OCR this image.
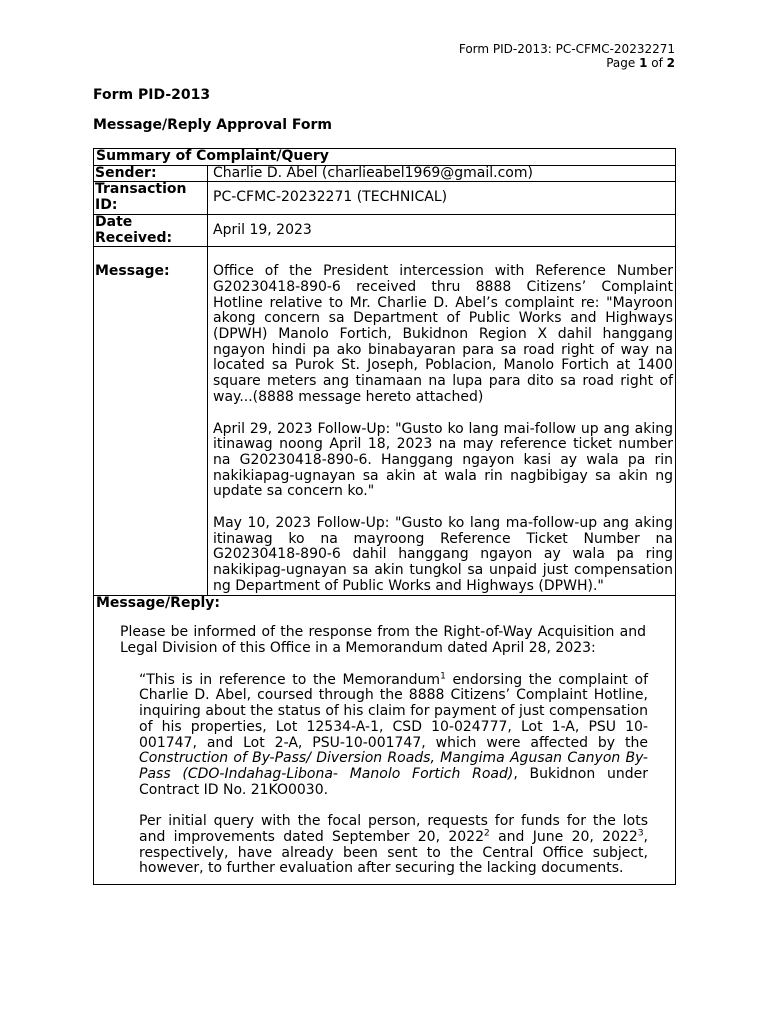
Form PID-2013: PC-CFMC-20232271
Page 1 of 2
Form PID-2013
Message/Reply Approval Form
Summary of Complaint/Query	
Sender:	Charlie D. Abel (charlieabel1969@gmail.com)
Transaction ID:	PC-CFMC-20232271 (TECHNICAL)
Date Received:	April 19, 2023
Message:	Office of the President intercession with Reference Number G20230418-890-6 received thru 8888 Citizens’ Complaint Hotline relative to Mr. Charlie D. Abel’s complaint re: "Mayroon akong concern sa Department of Public Works and Highways (DPWH) Manolo Fortich, Bukidnon Region X dahil hanggang ngayon hindi pa ako binabayaran para sa road right of way na located sa Purok St. Joseph, Poblacion, Manolo Fortich at 1400 square meters ang tinamaan na lupa para dito sa road right of way...(8888 message hereto attached)

April 29, 2023 Follow-Up: "Gusto ko lang mai-follow up ang aking itinawag noong April 18, 2023 na may reference ticket number na G20230418-890-6. Hanggang ngayon kasi ay wala pa rin nakikiapag-ugnayan sa akin at wala rin nagbibigay sa akin ng update sa concern ko."

May 10, 2023 Follow-Up: "Gusto ko lang ma-follow-up ang aking itinawag ko na mayroong Reference Ticket Number na G20230418-890-6 dahil hanggang ngayon ay wala pa ring nakikipag-ugnayan sa akin tungkol sa unpaid just compensation ng Department of Public Works and Highways (DPWH)."

Message/Reply:

Please be informed of the response from the Right-of-Way Acquisition and Legal Division of this Office in a Memorandum dated April 28, 2023:

“This is in reference to the Memorandum$^1$ endorsing the complaint of Charlie D. Abel, coursed through the 8888 Citizens’ Complaint Hotline, inquiring about the status of his claim for payment of just compensation of his properties, Lot 12534-A-1, CSD 10-024777, Lot 1-A, PSU 10-001747, and Lot 2-A, PSU-10-001747, which were affected by the Construction of By-Pass/ Diversion Roads, Mangima Agusan Canyon By-Pass (CDO-Indahag-Libona- Manolo Fortich Road), Bukidnon under Contract ID No. 21KO0030.

Per initial query with the focal person, requests for funds for the lots and improvements dated September 20, 2022$^2$ and June 20, 2022$^3$, respectively, have already been sent to the Central Office subject, however, to further evaluation after securing the lacking documents.	
